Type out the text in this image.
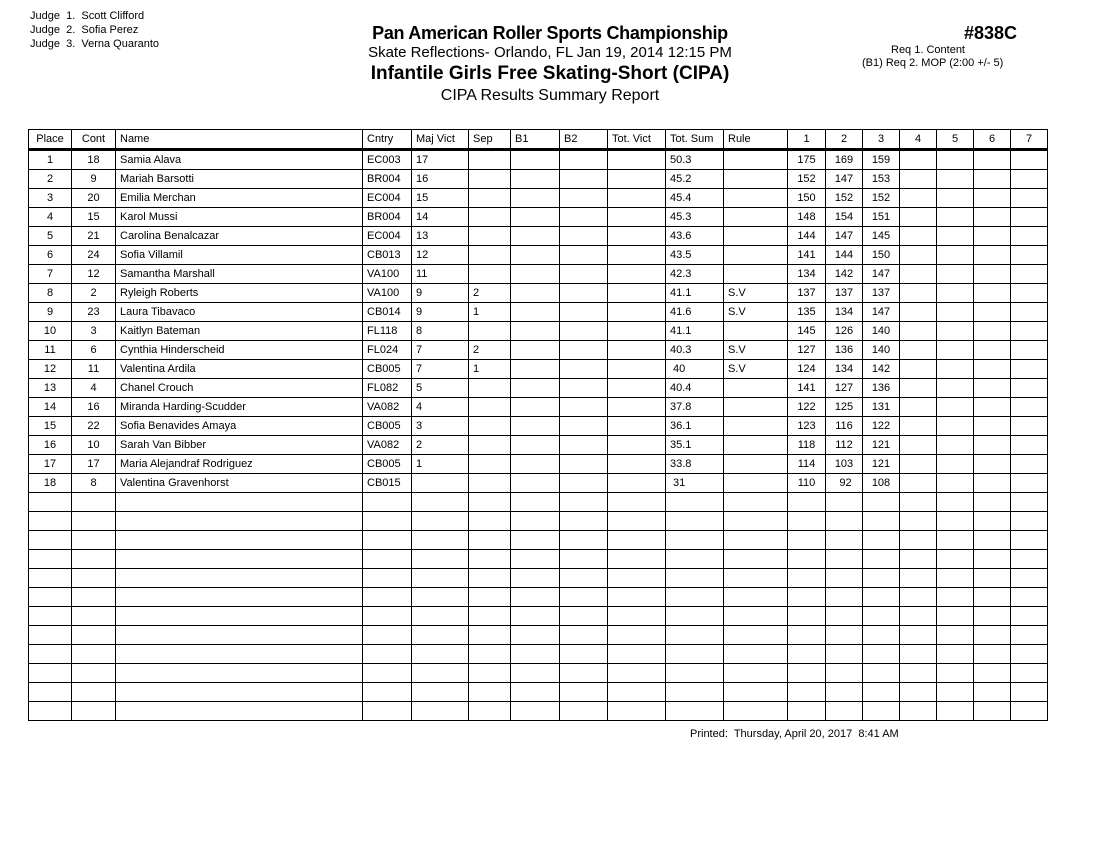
Judge  1.  Scott Clifford
Judge  2.  Sofia Perez
Judge  3.  Verna Quaranto
Pan American Roller Sports Championship
Skate Reflections- Orlando, FL Jan 19, 2014 12:15 PM
Infantile Girls Free Skating-Short (CIPA)
CIPA Results Summary Report
#838C
Req 1. Content
(B1) Req 2. MOP (2:00 +/- 5)
Place	Cont	Name	Cntry	Maj Vict	Sep	B1	B2	Tot. Vict	Tot. Sum	Rule	1	2	3	4	5	6	7
1	18	Samia Alava	EC003	17					50.3		175	169	159				
2	9	Mariah Barsotti	BR004	16					45.2		152	147	153				
3	20	Emilia Merchan	EC004	15					45.4		150	152	152				
4	15	Karol Mussi	BR004	14					45.3		148	154	151				
5	21	Carolina Benalcazar	EC004	13					43.6		144	147	145				
6	24	Sofia Villamil	CB013	12					43.5		141	144	150				
7	12	Samantha Marshall	VA100	11					42.3		134	142	147				
8	2	Ryleigh Roberts	VA100	9	2				41.1	S.V	137	137	137				
9	23	Laura Tibavaco	CB014	9	1				41.6	S.V	135	134	147				
10	3	Kaitlyn Bateman	FL118	8					41.1		145	126	140				
11	6	Cynthia Hinderscheid	FL024	7	2				40.3	S.V	127	136	140				
12	11	Valentina Ardila	CB005	7	1				40	S.V	124	134	142				
13	4	Chanel Crouch	FL082	5					40.4		141	127	136				
14	16	Miranda Harding-Scudder	VA082	4					37.8		122	125	131				
15	22	Sofia Benavides Amaya	CB005	3					36.1		123	116	122				
16	10	Sarah Van Bibber	VA082	2					35.1		118	112	121				
17	17	Maria Alejandraf Rodriguez	CB005	1					33.8		114	103	121				
18	8	Valentina Gravenhorst	CB015						31		110	92	108				

Printed:  Thursday, April 20, 2017  8:41 AM
